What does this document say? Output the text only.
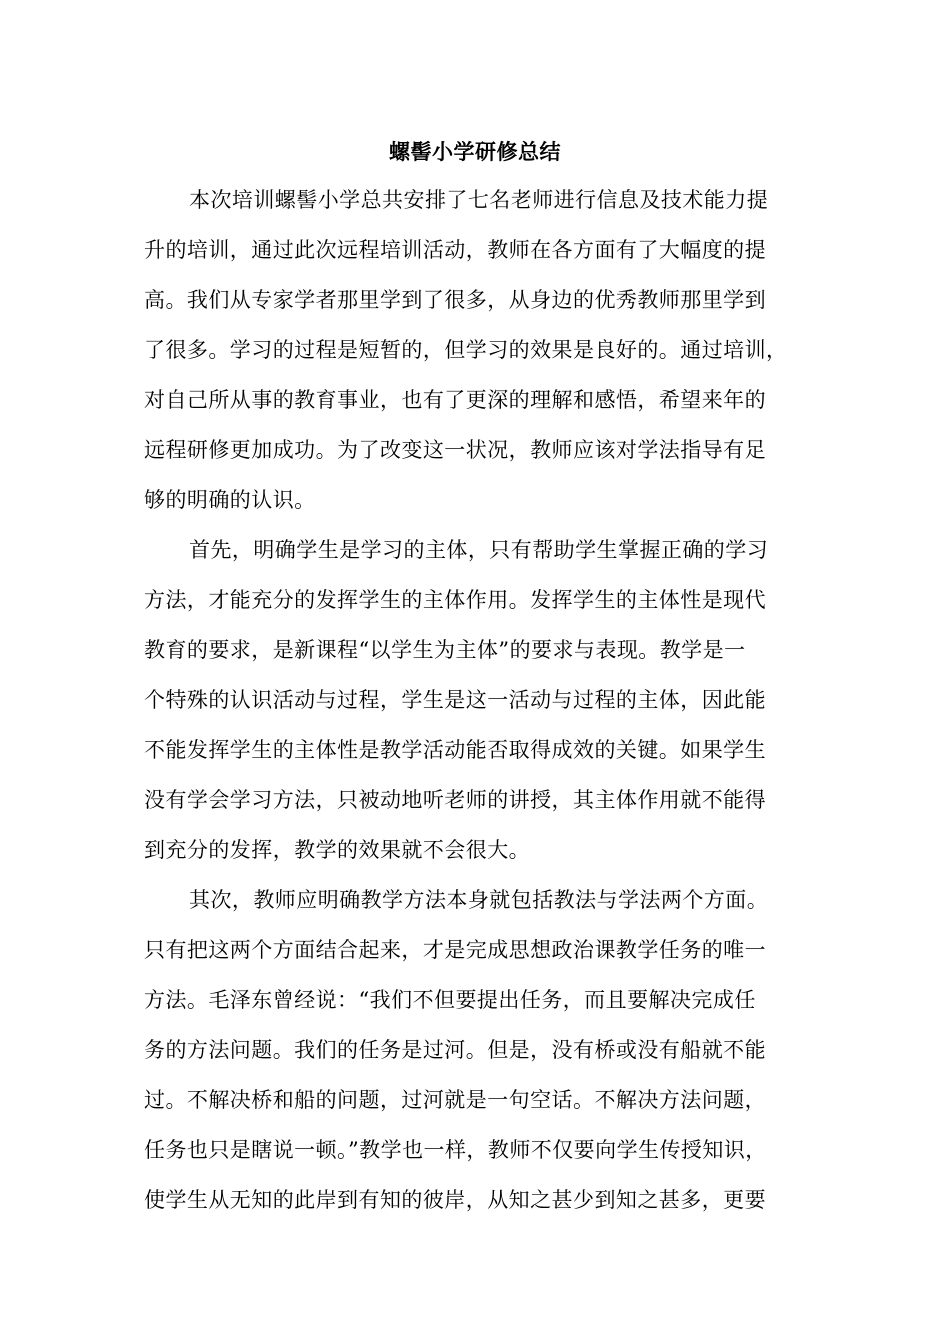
螺髻小学研修总结
本次培训螺髻小学总共安排了七名老师进行信息及技术能力提
升的培训，通过此次远程培训活动，教师在各方面有了大幅度的提
高。我们从专家学者那里学到了很多，从身边的优秀教师那里学到
了很多。学习的过程是短暂的，但学习的效果是良好的。通过培训，
对自己所从事的教育事业，也有了更深的理解和感悟，希望来年的
远程研修更加成功。为了改变这一状况，教师应该对学法指导有足
够的明确的认识。
首先，明确学生是学习的主体，只有帮助学生掌握正确的学习
方法，才能充分的发挥学生的主体作用。发挥学生的主体性是现代
教育的要求，是新课程“以学生为主体”的要求与表现。教学是一
个特殊的认识活动与过程，学生是这一活动与过程的主体，因此能
不能发挥学生的主体性是教学活动能否取得成效的关键。如果学生
没有学会学习方法，只被动地听老师的讲授，其主体作用就不能得
到充分的发挥，教学的效果就不会很大。
其次，教师应明确教学方法本身就包括教法与学法两个方面。
只有把这两个方面结合起来，才是完成思想政治课教学任务的唯一
方法。毛泽东曾经说：“我们不但要提出任务，而且要解决完成任
务的方法问题。我们的任务是过河。但是，没有桥或没有船就不能
过。不解决桥和船的问题，过河就是一句空话。不解决方法问题，
任务也只是瞎说一顿。”教学也一样，教师不仅要向学生传授知识，
使学生从无知的此岸到有知的彼岸，从知之甚少到知之甚多，更要
